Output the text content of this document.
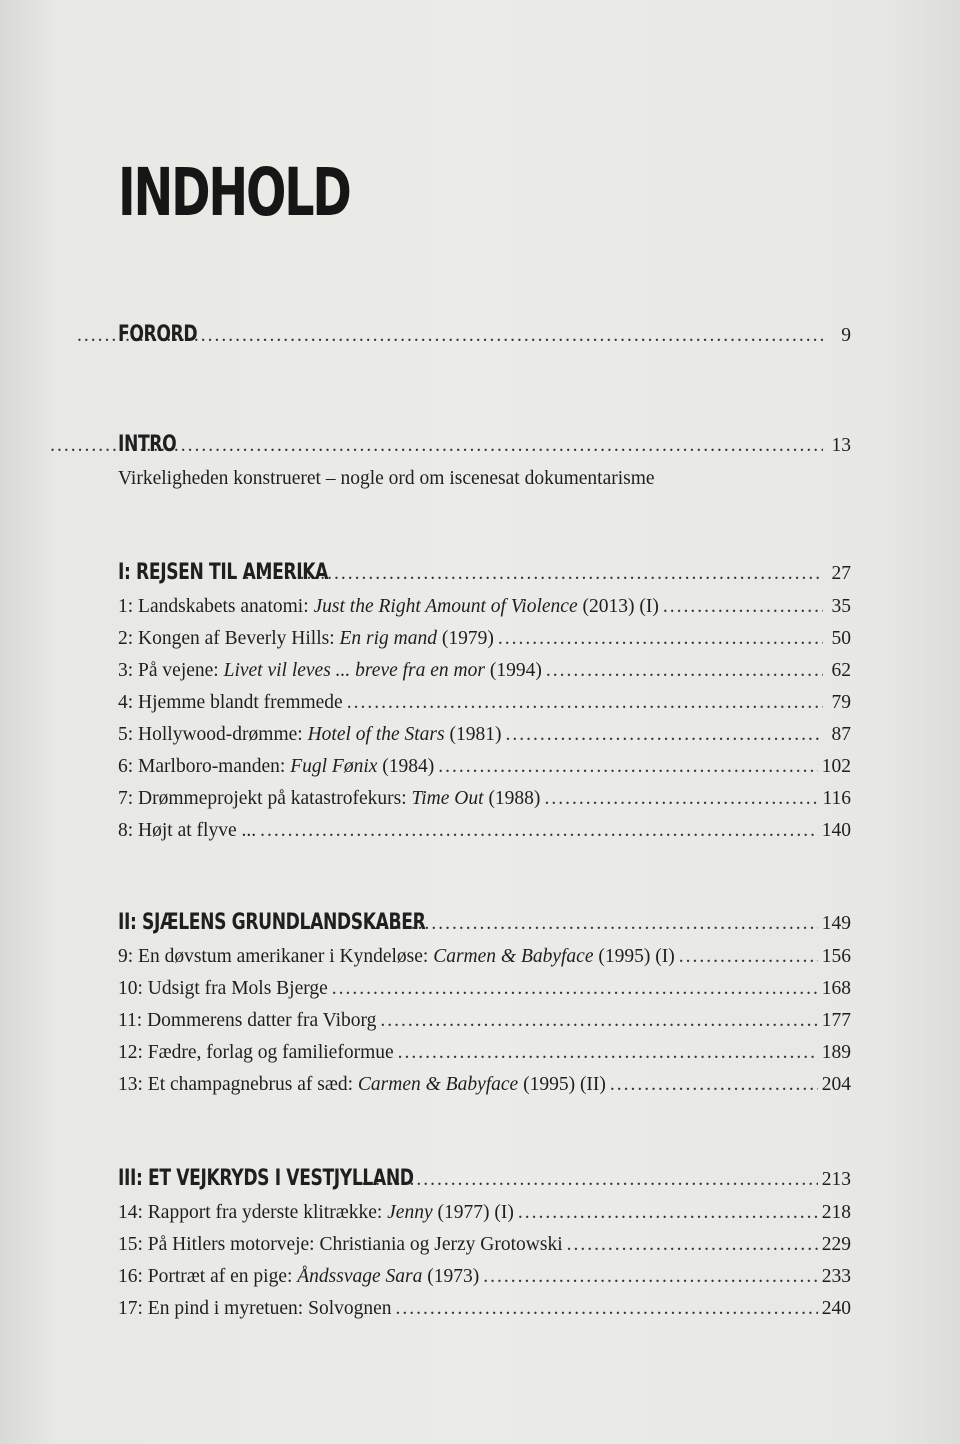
INDHOLD
FORORD .....	9
INTRO .....	13
Virkeligheden konstrueret – nogle ord om iscenesat dokumentarisme
I: REJSEN TIL AMERIKA .....	27
1: Landskabets anatomi: Just the Right Amount of Violence (2013) (I) .....	35
2: Kongen af Beverly Hills: En rig mand (1979) .....	50
3: På vejene: Livet vil leves ... breve fra en mor (1994) .....	62
4: Hjemme blandt fremmede .....	79
5: Hollywood-drømme: Hotel of the Stars (1981) .....	87
6: Marlboro-manden: Fugl Fønix (1984) .....	102
7: Drømmeprojekt på katastrofekurs: Time Out (1988) .....	116
8: Højt at flyve ... .....	140
II: SJÆLENS GRUNDLANDSKABER .....	149
9: En døvstum amerikaner i Kyndeløse: Carmen & Babyface (1995) (I) .....	156
10: Udsigt fra Mols Bjerge .....	168
11: Dommerens datter fra Viborg .....	177
12: Fædre, forlag og familieformue .....	189
13: Et champagnebrus af sæd: Carmen & Babyface (1995) (II) .....	204
III: ET VEJKRYDS I VESTJYLLAND .....	213
14: Rapport fra yderste klitrække: Jenny (1977) (I) .....	218
15: På Hitlers motorveje: Christiania og Jerzy Grotowski .....	229
16: Portræt af en pige: Åndssvage Sara (1973) .....	233
17: En pind i myretuen: Solvognen .....	240
